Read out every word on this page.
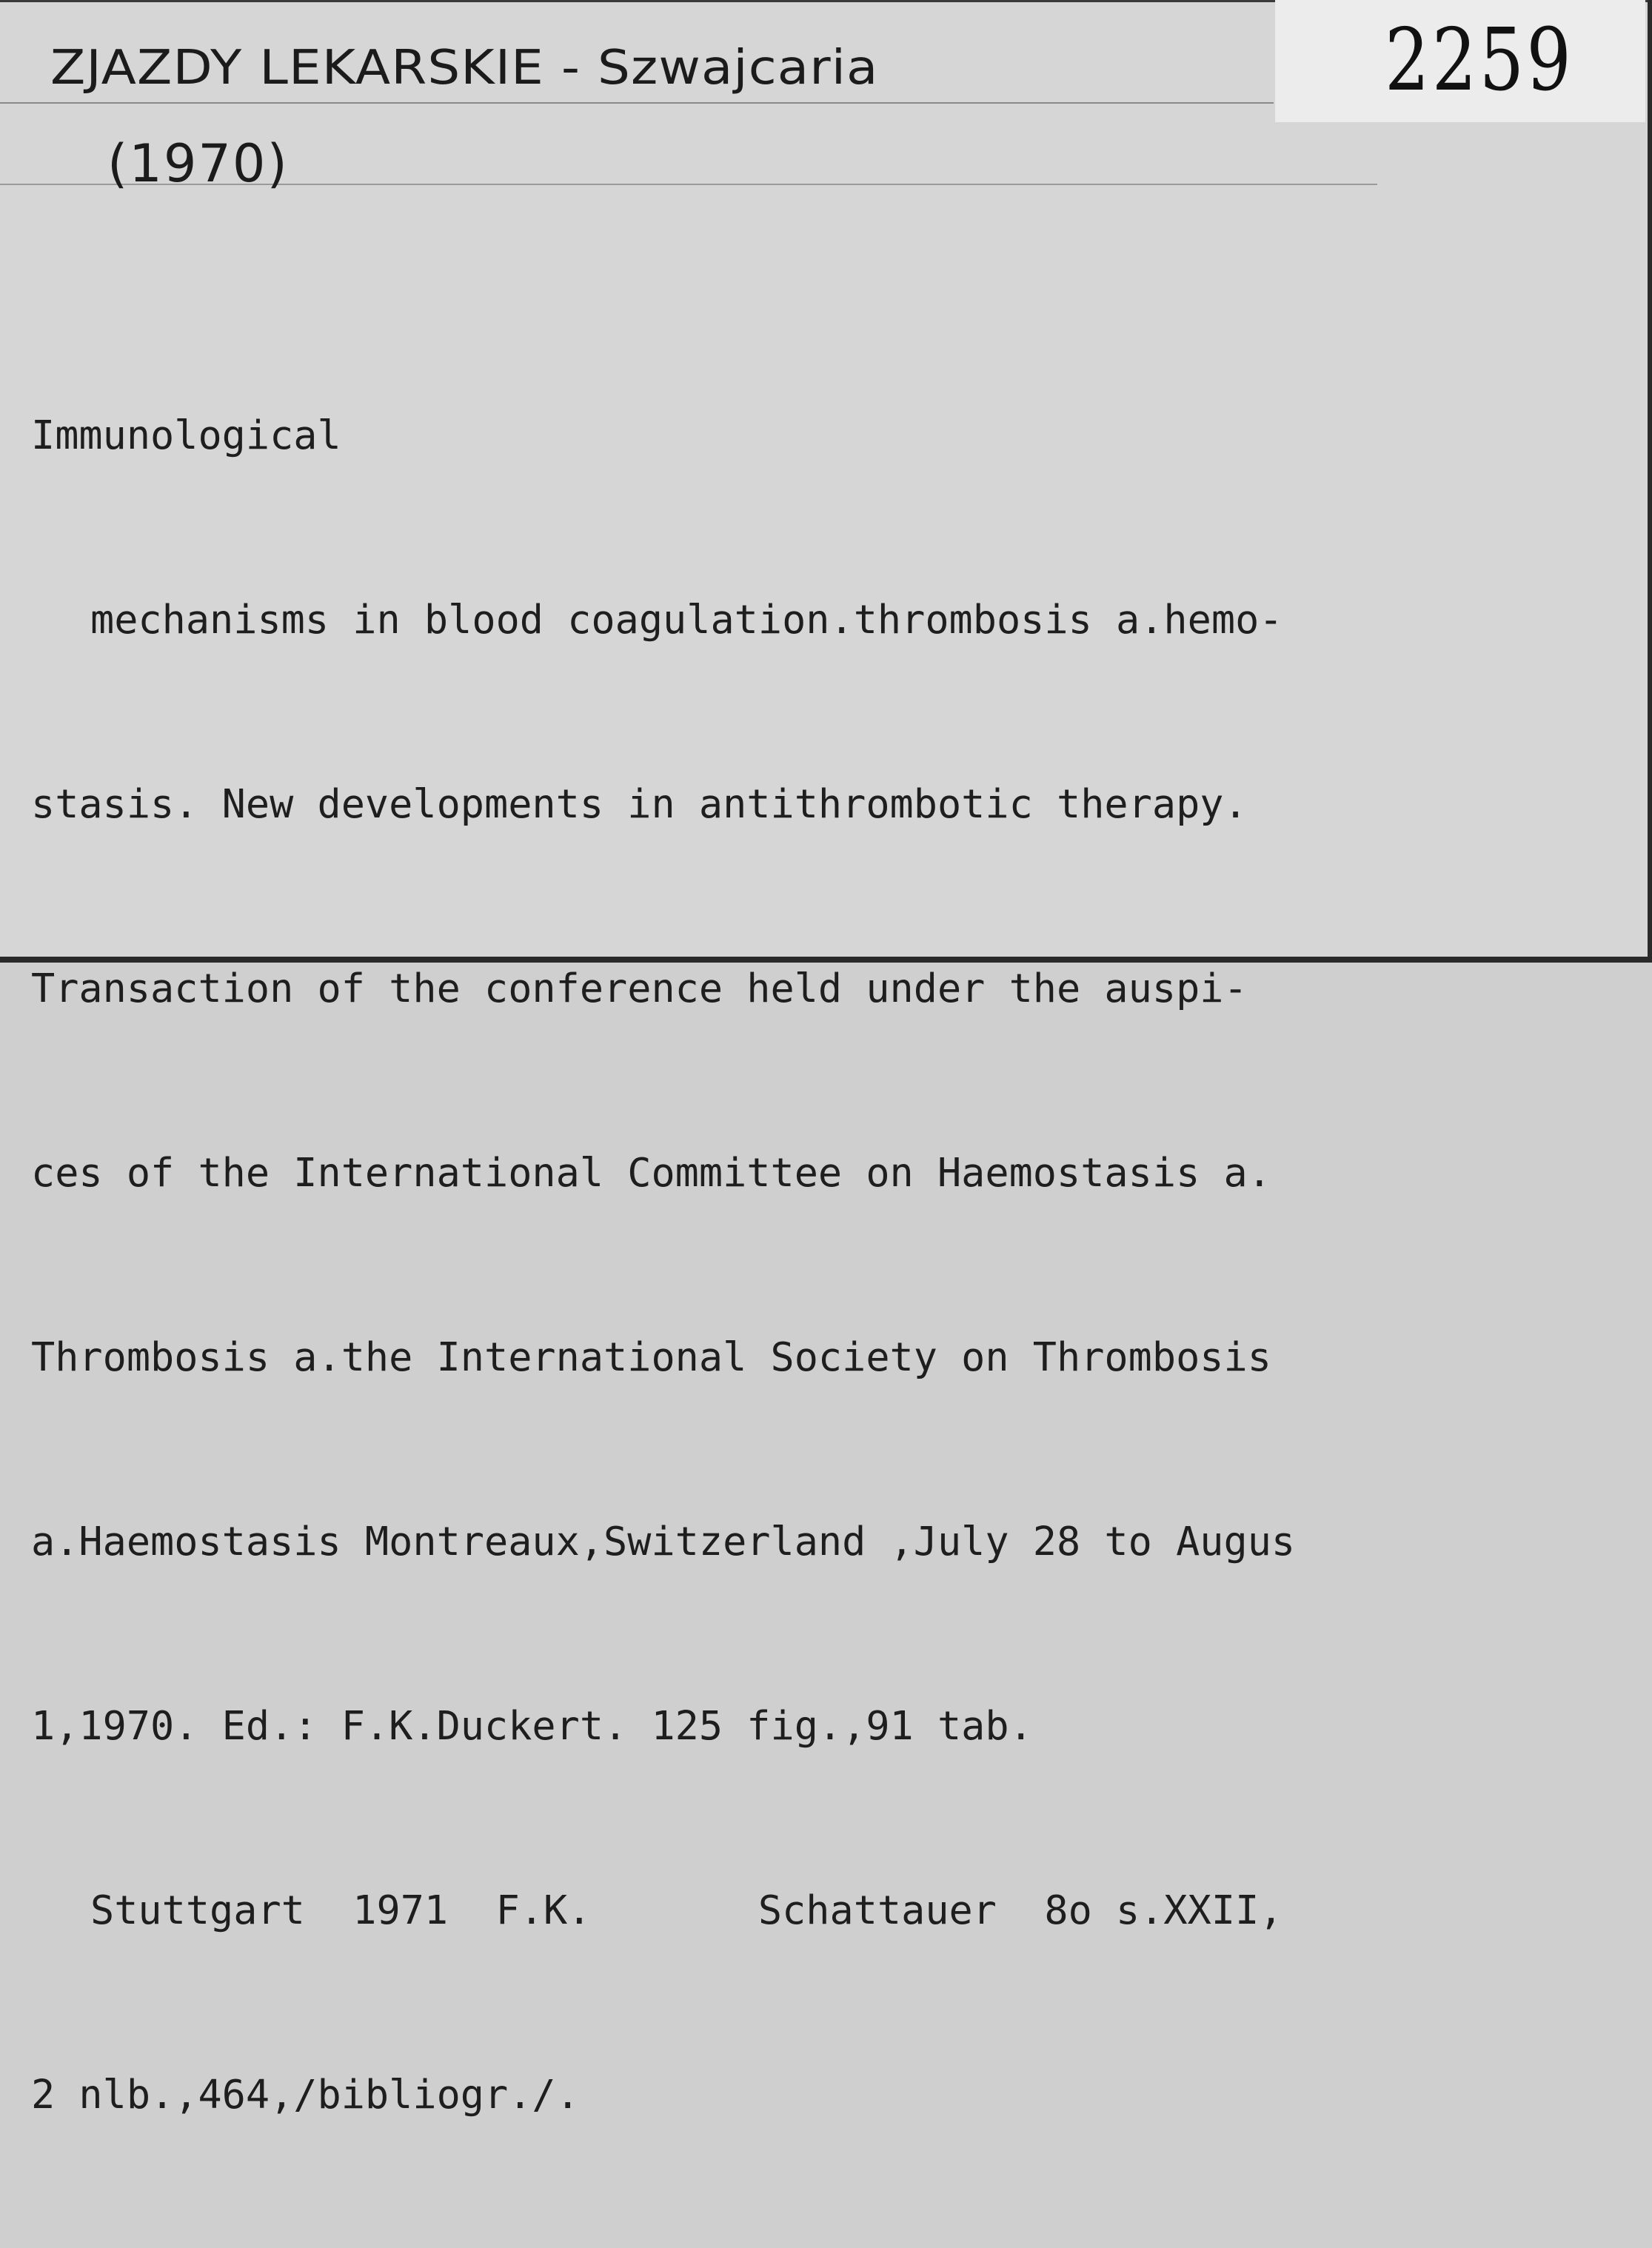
2259
ZJAZDY LEKARSKIE - Szwajcaria
(1970)

Immunological

mechanisms in blood coagulation.thrombosis a.hemo-

stasis. New developments in antithrombotic therapy.

Transaction of the conference held under the auspi-

ces of the International Committee on Haemostasis a.

Thrombosis a.the International Society on Thrombosis

a.Haemostasis Montreaux,Switzerland ,July 28 to Augus

1,1970. Ed.: F.K.Duckert. 125 fig.,91 tab.

Stuttgart  1971  F.K.       Schattauer  8o s.XXII,

2 nlb.,464,/bibliogr./.
